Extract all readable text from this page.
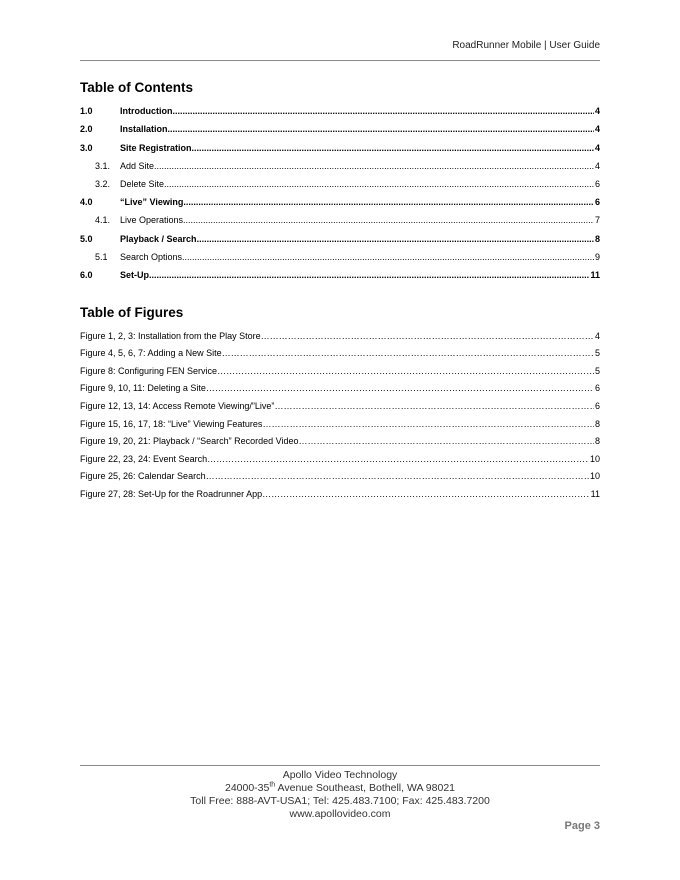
RoadRunner Mobile | User Guide
Table of Contents
1.0	Introduction .....	4
2.0	Installation .....	4
3.0	Site Registration .....	4
3.1.	Add Site .....	4
3.2.	Delete Site .....	6
4.0	“Live” Viewing .....	6
4.1.	Live Operations .....	7
5.0	Playback / Search .....	8
5.1	Search Options .....	9
6.0	Set-Up .....	11
Table of Figures
Figure 1, 2, 3: Installation from the Play Store ………………………………………………………………………………………………………………………………………………………………………………………………………………………	4
Figure 4, 5, 6, 7: Adding a New Site ………………………………………………………………………………………………………………………………………………………………………………………………………………………	5
Figure 8: Configuring FEN Service ………………………………………………………………………………………………………………………………………………………………………………………………………………………	5
Figure 9, 10, 11: Deleting a Site ………………………………………………………………………………………………………………………………………………………………………………………………………………………	6
Figure 12, 13, 14: Access Remote Viewing/”Live” ………………………………………………………………………………………………………………………………………………………………………………………………………………………	6
Figure 15, 16, 17, 18: “Live” Viewing Features ………………………………………………………………………………………………………………………………………………………………………………………………………………………	8
Figure 19, 20, 21: Playback / “Search” Recorded Video ………………………………………………………………………………………………………………………………………………………………………………………………………………………	8
Figure 22, 23, 24: Event Search ………………………………………………………………………………………………………………………………………………………………………………………………………………………	10
Figure 25, 26: Calendar Search ………………………………………………………………………………………………………………………………………………………………………………………………………………………	10
Figure 27, 28: Set-Up for the Roadrunner App ………………………………………………………………………………………………………………………………………………………………………………………………………………………	11
Apollo Video Technology
24000-35th Avenue Southeast, Bothell, WA 98021
Toll Free: 888-AVT-USA1; Tel: 425.483.7100; Fax: 425.483.7200
www.apollovideo.com
Page 3
